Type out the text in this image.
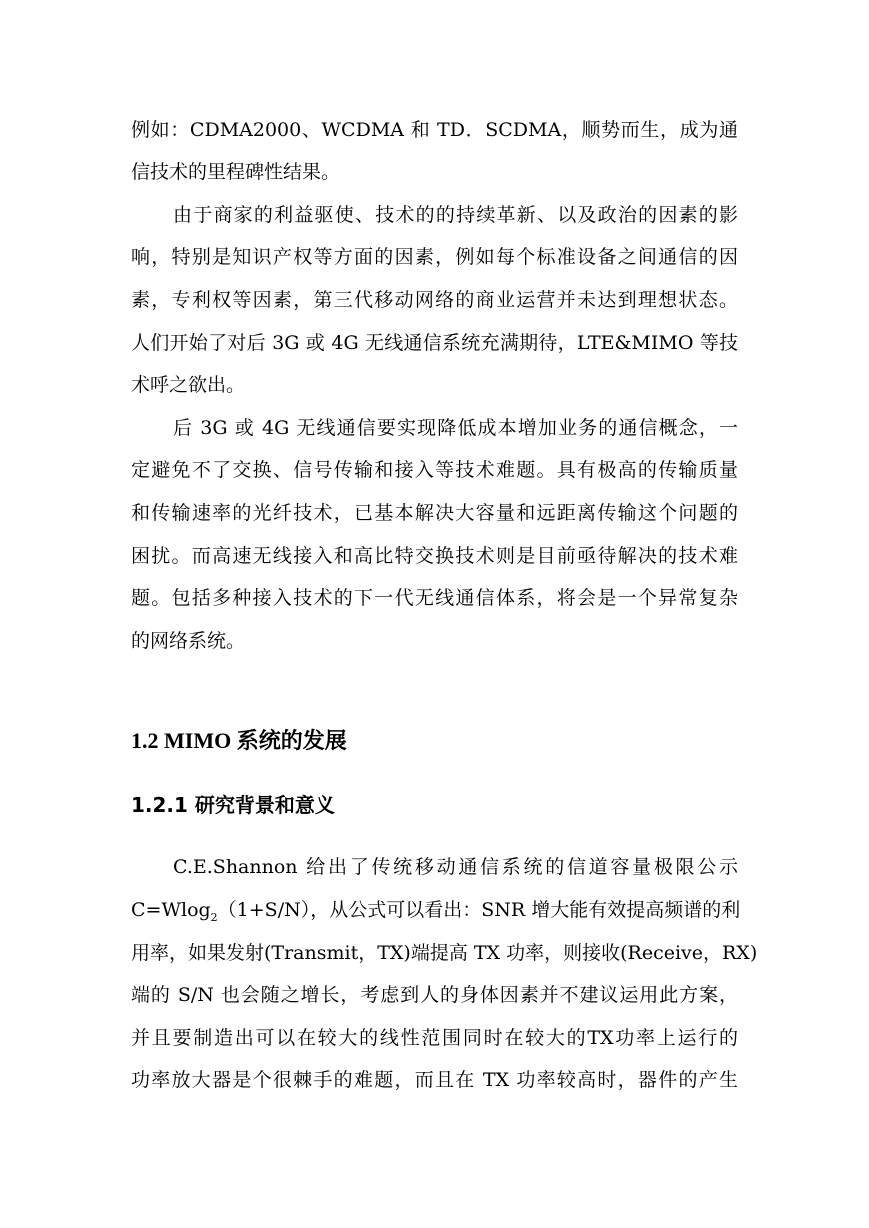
例如：CDMA2000、WCDMA 和 TD．SCDMA，顺势而生，成为通
信技术的里程碑性结果。
由于商家的利益驱使、技术的的持续革新、以及政治的因素的影
响，特别是知识产权等方面的因素，例如每个标准设备之间通信的因
素，专利权等因素，第三代移动网络的商业运营并未达到理想状态。
人们开始了对后 3G 或 4G 无线通信系统充满期待，LTE&MIMO 等技
术呼之欲出。
后 3G 或 4G 无线通信要实现降低成本增加业务的通信概念，一
定避免不了交换、信号传输和接入等技术难题。具有极高的传输质量
和传输速率的光纤技术，已基本解决大容量和远距离传输这个问题的
困扰。而高速无线接入和高比特交换技术则是目前亟待解决的技术难
题。包括多种接入技术的下一代无线通信体系，将会是一个异常复杂
的网络系统。
1.2 MIMO 系统的发展
1.2.1 研究背景和意义
C.E.Shannon 给出了传统移动通信系统的信道容量极限公示
C=Wlog$_2$（1+S/N），从公式可以看出：SNR 增大能有效提高频谱的利
用率，如果发射(Transmit，TX)端提高 TX 功率，则接收(Receive，RX)
端的 S/N 也会随之增长，考虑到人的身体因素并不建议运用此方案，
并且要制造出可以在较大的线性范围同时在较大的TX功率上运行的
功率放大器是个很棘手的难题，而且在 TX 功率较高时，器件的产生
